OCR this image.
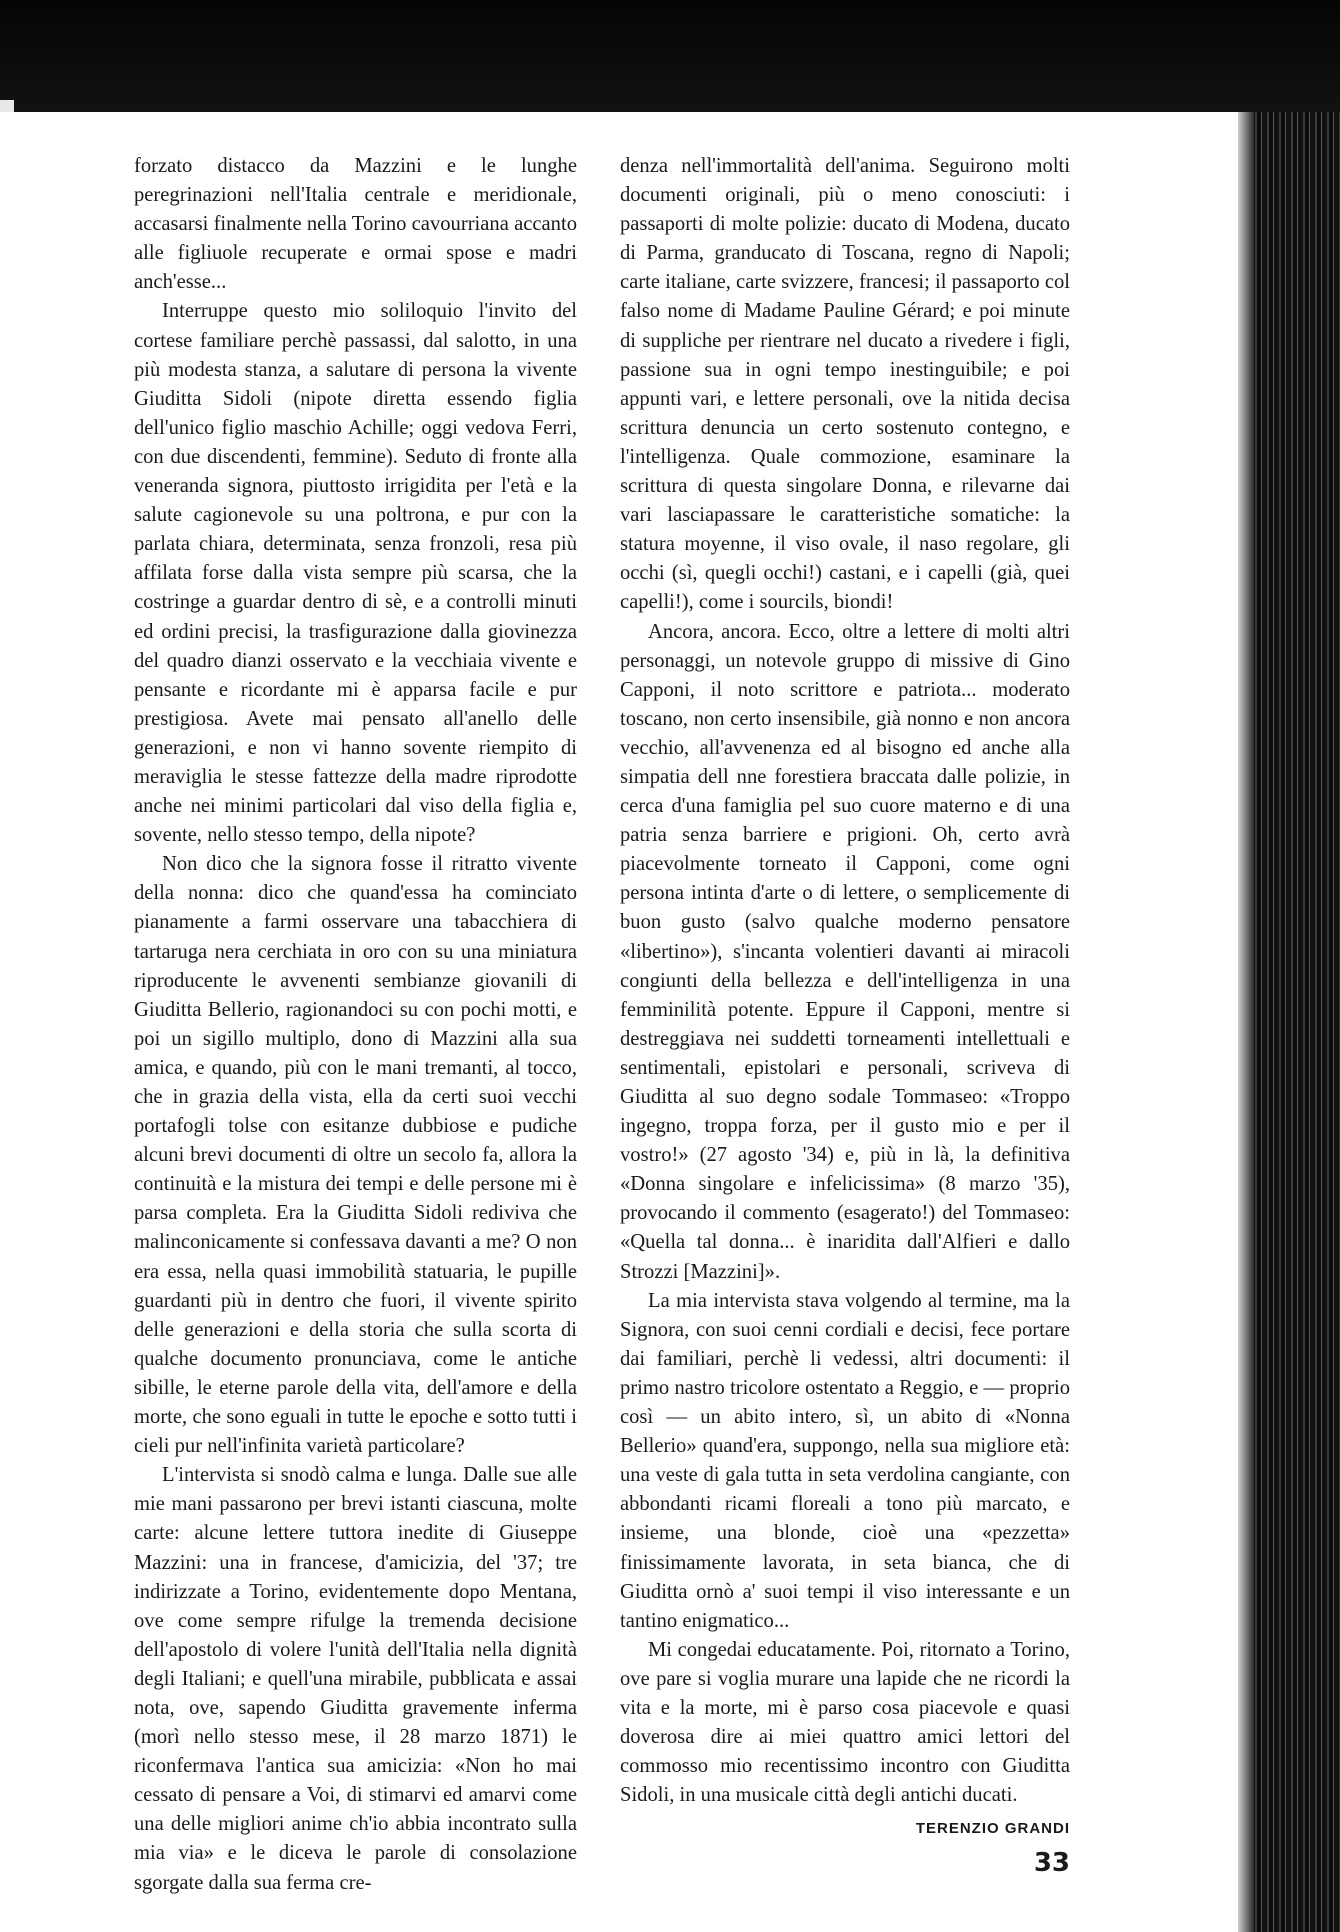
forzato distacco da Mazzini e le lunghe peregrinazioni nell'Italia centrale e meridionale, accasarsi finalmente nella Torino cavourriana accanto alle figliuole recuperate e ormai spose e madri anch'esse...

Interruppe questo mio soliloquio l'invito del cortese familiare perchè passassi, dal salotto, in una più modesta stanza, a salutare di persona la vivente Giuditta Sidoli (nipote diretta essendo figlia dell'unico figlio maschio Achille; oggi vedova Ferri, con due discendenti, femmine). Seduto di fronte alla veneranda signora, piuttosto irrigidita per l'età e la salute cagionevole su una poltrona, e pur con la parlata chiara, determinata, senza fronzoli, resa più affilata forse dalla vista sempre più scarsa, che la costringe a guardar dentro di sè, e a controlli minuti ed ordini precisi, la trasfigurazione dalla giovinezza del quadro dianzi osservato e la vecchiaia vivente e pensante e ricordante mi è apparsa facile e pur prestigiosa. Avete mai pensato all'anello delle generazioni, e non vi hanno sovente riempito di meraviglia le stesse fattezze della madre riprodotte anche nei minimi particolari dal viso della figlia e, sovente, nello stesso tempo, della nipote?

Non dico che la signora fosse il ritratto vivente della nonna: dico che quand'essa ha cominciato pianamente a farmi osservare una tabacchiera di tartaruga nera cerchiata in oro con su una miniatura riproducente le avvenenti sembianze giovanili di Giuditta Bellerio, ragionandoci su con pochi motti, e poi un sigillo multiplo, dono di Mazzini alla sua amica, e quando, più con le mani tremanti, al tocco, che in grazia della vista, ella da certi suoi vecchi portafogli tolse con esitanze dubbiose e pudiche alcuni brevi documenti di oltre un secolo fa, allora la continuità e la mistura dei tempi e delle persone mi è parsa completa. Era la Giuditta Sidoli rediviva che malinconicamente si confessava davanti a me? O non era essa, nella quasi immobilità statuaria, le pupille guardanti più in dentro che fuori, il vivente spirito delle generazioni e della storia che sulla scorta di qualche documento pronunciava, come le antiche sibille, le eterne parole della vita, dell'amore e della morte, che sono eguali in tutte le epoche e sotto tutti i cieli pur nell'infinita varietà particolare?

L'intervista si snodò calma e lunga. Dalle sue alle mie mani passarono per brevi istanti ciascuna, molte carte: alcune lettere tuttora inedite di Giuseppe Mazzini: una in francese, d'amicizia, del '37; tre indirizzate a Torino, evidentemente dopo Mentana, ove come sempre rifulge la tremenda decisione dell'apostolo di volere l'unità dell'Italia nella dignità degli Italiani; e quell'una mirabile, pubblicata e assai nota, ove, sapendo Giuditta gravemente inferma (morì nello stesso mese, il 28 marzo 1871) le riconfermava l'antica sua amicizia: «Non ho mai cessato di pensare a Voi, di stimarvi ed amarvi come una delle migliori anime ch'io abbia incontrato sulla mia via» e le diceva le parole di consolazione sgorgate dalla sua ferma cre-

denza nell'immortalità dell'anima. Seguirono molti documenti originali, più o meno conosciuti: i passaporti di molte polizie: ducato di Modena, ducato di Parma, granducato di Toscana, regno di Napoli; carte italiane, carte svizzere, francesi; il passaporto col falso nome di Madame Pauline Gérard; e poi minute di suppliche per rientrare nel ducato a rivedere i figli, passione sua in ogni tempo inestinguibile; e poi appunti vari, e lettere personali, ove la nitida decisa scrittura denuncia un certo sostenuto contegno, e l'intelligenza. Quale commozione, esaminare la scrittura di questa singolare Donna, e rilevarne dai vari lasciapassare le caratteristiche somatiche: la statura moyenne, il viso ovale, il naso regolare, gli occhi (sì, quegli occhi!) castani, e i capelli (già, quei capelli!), come i sourcils, biondi!

Ancora, ancora. Ecco, oltre a lettere di molti altri personaggi, un notevole gruppo di missive di Gino Capponi, il noto scrittore e patriota... moderato toscano, non certo insensibile, già nonno e non ancora vecchio, all'avvenenza ed al bisogno ed anche alla simpatia dell nne forestiera braccata dalle polizie, in cerca d'una famiglia pel suo cuore materno e di una patria senza barriere e prigioni. Oh, certo avrà piacevolmente torneato il Capponi, come ogni persona intinta d'arte o di lettere, o semplicemente di buon gusto (salvo qualche moderno pensatore «libertino»), s'incanta volentieri davanti ai miracoli congiunti della bellezza e dell'intelligenza in una femminilità potente. Eppure il Capponi, mentre si destreggiava nei suddetti torneamenti intellettuali e sentimentali, epistolari e personali, scriveva di Giuditta al suo degno sodale Tommaseo: «Troppo ingegno, troppa forza, per il gusto mio e per il vostro!» (27 agosto '34) e, più in là, la definitiva «Donna singolare e infelicissima» (8 marzo '35), provocando il commento (esagerato!) del Tommaseo: «Quella tal donna... è inaridita dall'Alfieri e dallo Strozzi [Mazzini]».

La mia intervista stava volgendo al termine, ma la Signora, con suoi cenni cordiali e decisi, fece portare dai familiari, perchè li vedessi, altri documenti: il primo nastro tricolore ostentato a Reggio, e — proprio così — un abito intero, sì, un abito di «Nonna Bellerio» quand'era, suppongo, nella sua migliore età: una veste di gala tutta in seta verdolina cangiante, con abbondanti ricami floreali a tono più marcato, e insieme, una blonde, cioè una «pezzetta» finissimamente lavorata, in seta bianca, che di Giuditta ornò a' suoi tempi il viso interessante e un tantino enigmatico...

Mi congedai educatamente. Poi, ritornato a Torino, ove pare si voglia murare una lapide che ne ricordi la vita e la morte, mi è parso cosa piacevole e quasi doverosa dire ai miei quattro amici lettori del commosso mio recentissimo incontro con Giuditta Sidoli, in una musicale città degli antichi ducati.

TERENZIO GRANDI
33
